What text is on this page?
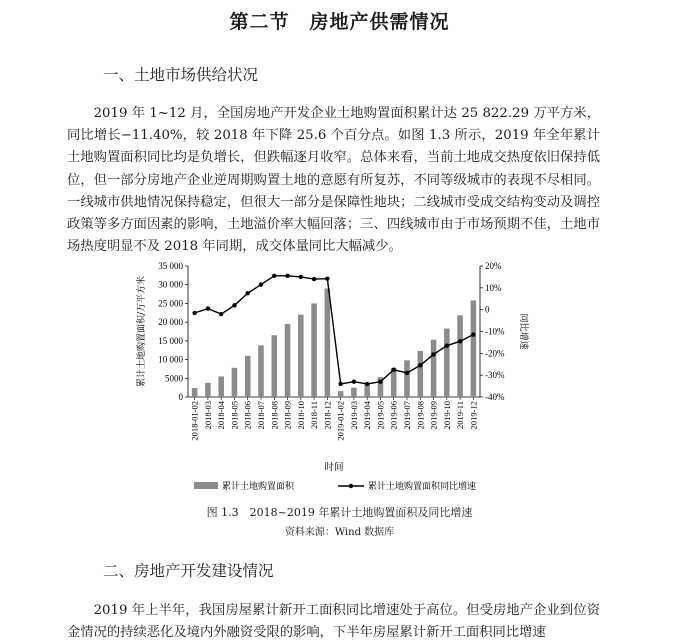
第二节　房地产供需情况
一、土地市场供给状况

2019 年 1~12 月，全国房地产开发企业土地购置面积累计达 25 822.29 万平方米，同比增长−11.40%，较 2018 年下降 25.6 个百分点。如图 1.3 所示，2019 年全年累计土地购置面积同比均是负增长，但跌幅逐月收窄。总体来看，当前土地成交热度依旧保持低位，但一部分房地产企业逆周期购置土地的意愿有所复苏，不同等级城市的表现不尽相同。一线城市供地情况保持稳定，但很大一部分是保障性地块；二线城市受成交结构变动及调控政策等多方面因素的影响，土地溢价率大幅回落；三、四线城市由于市场预期不佳，土地市场热度明显不及 2018 年同期，成交体量同比大幅减少。

0
5000
10 000
15 000
20 000
25 000
30 000
35 000	20%
10%
0
-10%
-20%
-30%
-40%
2018-01-02 2018-03 2018-04 2018-05 2018-06 2018-07 2018-08 2018-09 2018-10 2018-11 2018-12 2019-01-02 2019-03 2019-04 2019-05 2019-06 2019-07 2019-08 2019-09 2019-10 2019-11 2019-12
时间
累计土地购置面积/万平方米	同比增速
累计土地购置面积	累计土地购置面积同比增速
图 1.3　2018~2019 年累计土地购置面积及同比增速
资料来源：Wind 数据库
二、房地产开发建设情况

2019 年上半年，我国房屋累计新开工面积同比增速处于高位。但受房地产企业到位资金情况的持续恶化及境内外融资受限的影响，下半年房屋累计新开工面积同比增速
